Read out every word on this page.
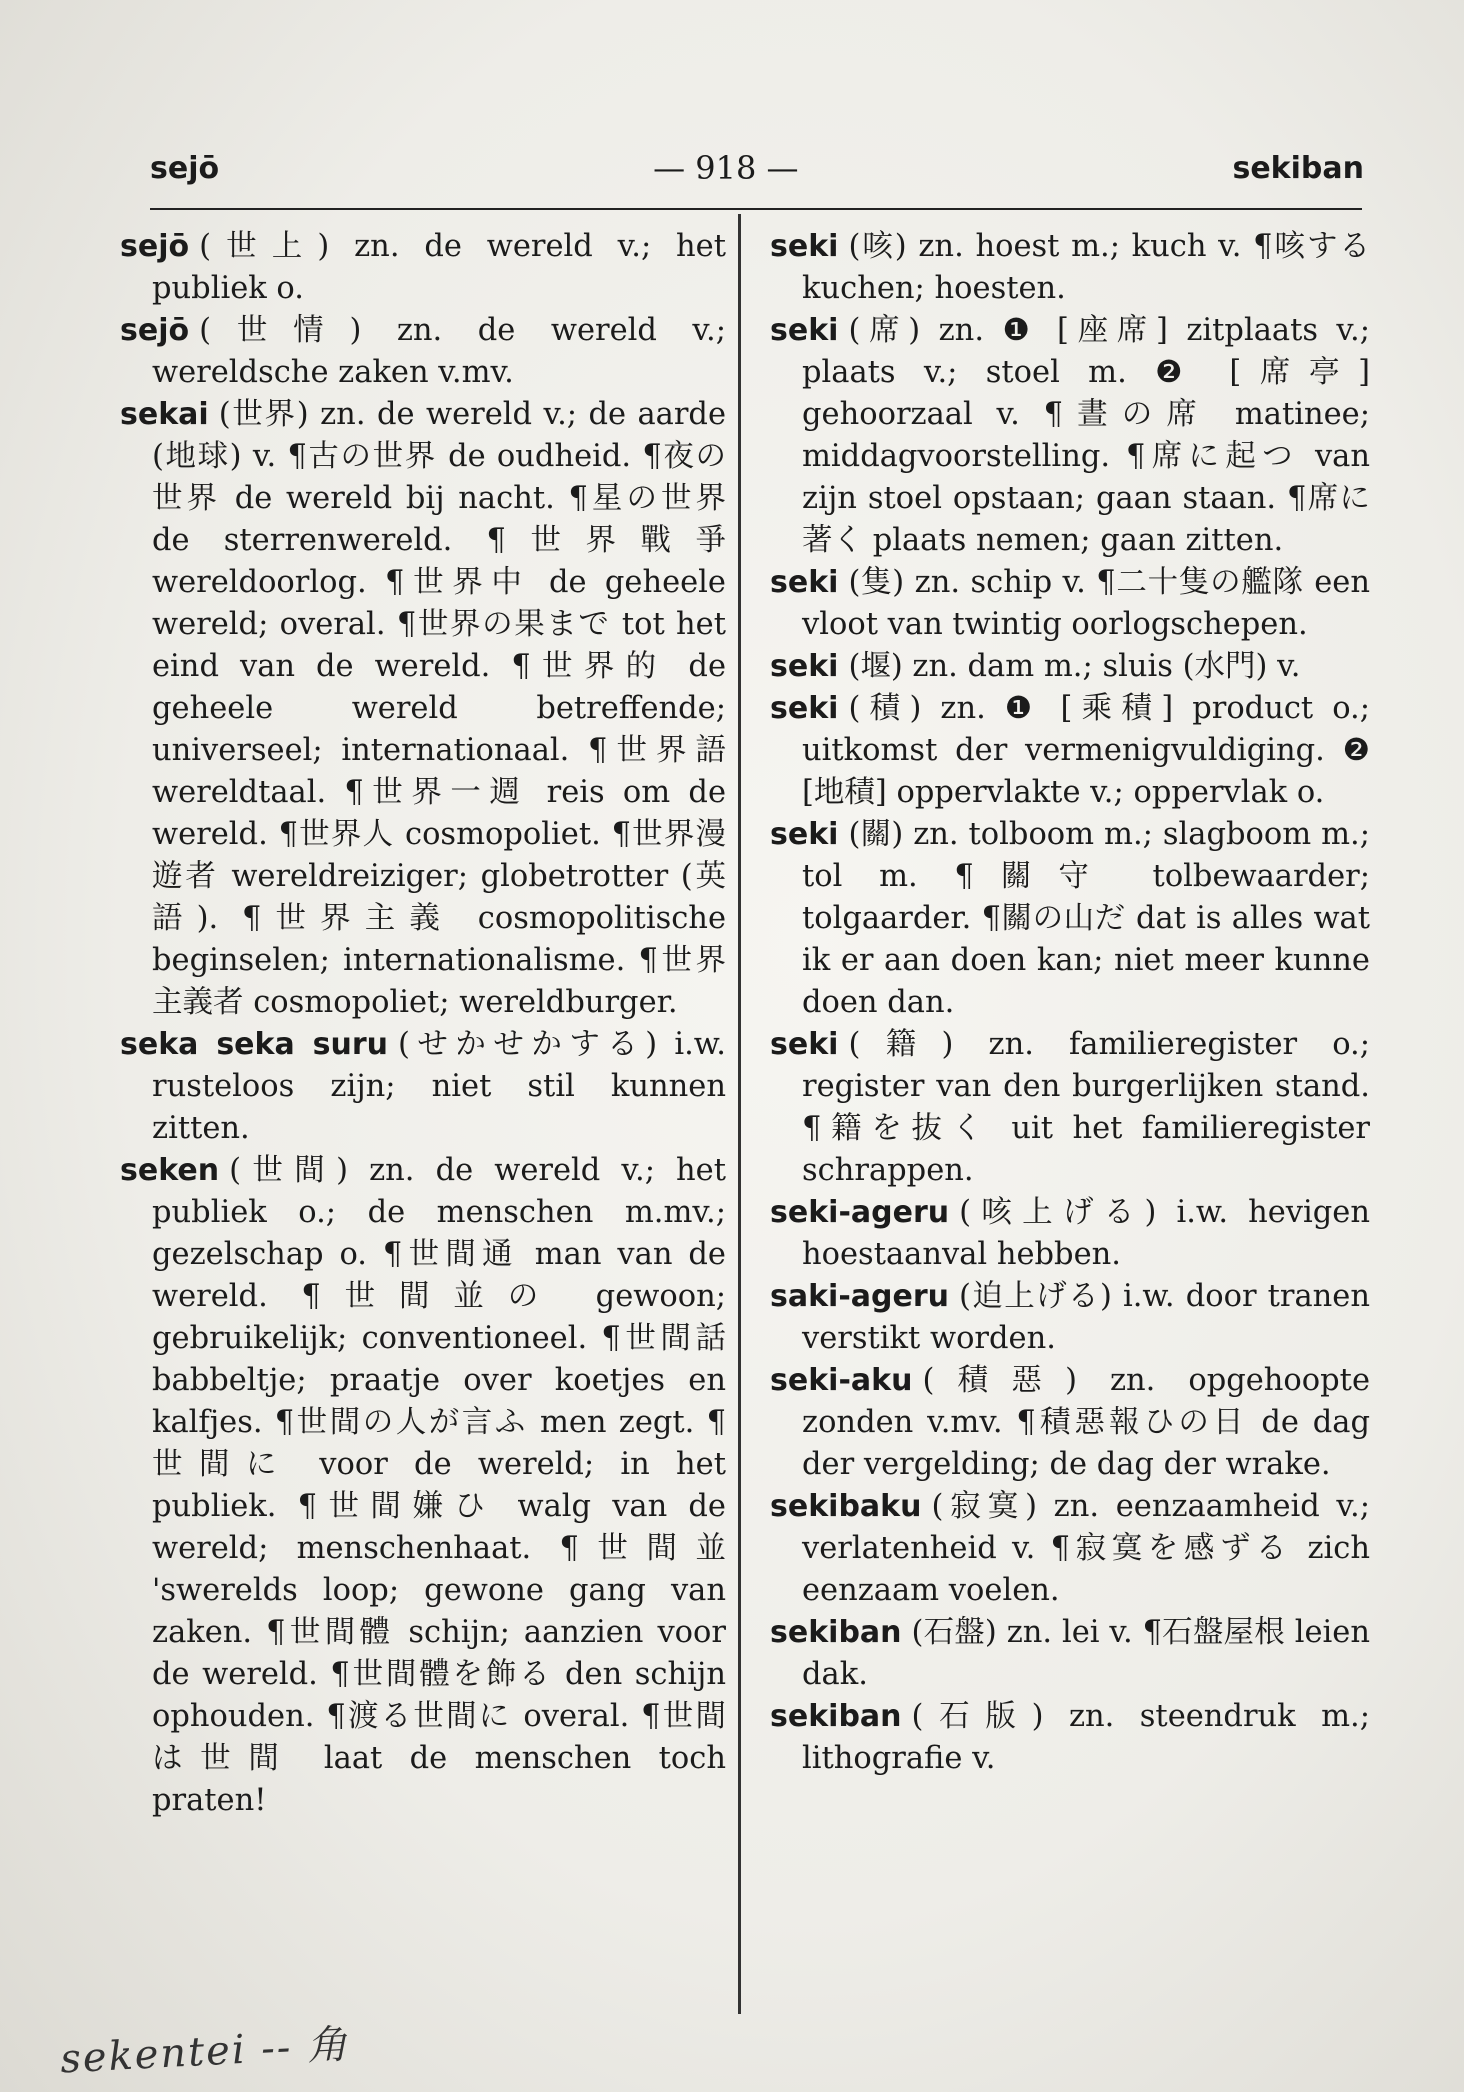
sejō	— 918 —	sekiban

sejō (世上) zn. de wereld v.; het publiek o.

sejō (世情) zn. de wereld v.; wereldsche zaken v.mv.

sekai (世界) zn. de wereld v.; de aarde (地球) v. ¶古の世界 de oudheid. ¶夜の世界 de wereld bij nacht. ¶星の世界 de sterrenwereld. ¶世界戰爭 wereldoorlog. ¶世界中 de geheele wereld; overal. ¶世界の果まで tot het eind van de wereld. ¶世界的 de geheele wereld betreffende; universeel; internationaal. ¶世界語 wereldtaal. ¶世界一週 reis om de wereld. ¶世界人 cosmopoliet. ¶世界漫遊者 wereldreiziger; globetrotter (英語). ¶世界主義 cosmopolitische beginselen; internationalisme. ¶世界主義者 cosmopoliet; wereldburger.

seka seka suru (せかせかする) i.w. rusteloos zijn; niet stil kunnen zitten.

seken (世間) zn. de wereld v.; het publiek o.; de menschen m.mv.; gezelschap o. ¶世間通 man van de wereld. ¶世間並の gewoon; gebruikelijk; conventioneel. ¶世間話 babbeltje; praatje over koetjes en kalfjes. ¶世間の人が言ふ men zegt. ¶世間に voor de wereld; in het publiek. ¶世間嫌ひ walg van de wereld; menschenhaat. ¶世間並 'swerelds loop; gewone gang van zaken. ¶世間體 schijn; aanzien voor de wereld. ¶世間體を飾る den schijn ophouden. ¶渡る世間に overal. ¶世間は世間 laat de menschen toch praten!

seki (咳) zn. hoest m.; kuch v. ¶咳する kuchen; hoesten.

seki (席) zn. ❶ [座席] zitplaats v.; plaats v.; stoel m. ❷ [席亭] gehoorzaal v. ¶晝の席 matinee; middagvoorstelling. ¶席に起つ van zijn stoel opstaan; gaan staan. ¶席に著く plaats nemen; gaan zitten.

seki (隻) zn. schip v. ¶二十隻の艦隊 een vloot van twintig oorlogschepen.

seki (堰) zn. dam m.; sluis (水門) v.

seki (積) zn. ❶ [乘積] product o.; uitkomst der vermenigvuldiging. ❷ [地積] oppervlakte v.; oppervlak o.

seki (關) zn. tolboom m.; slagboom m.; tol m. ¶關守 tolbewaarder; tolgaarder. ¶關の山だ dat is alles wat ik er aan doen kan; niet meer kunne doen dan.

seki (籍) zn. familieregister o.; register van den burgerlijken stand. ¶籍を抜く uit het familieregister schrappen.

seki-ageru (咳上げる) i.w. hevigen hoestaanval hebben.

saki-ageru (迫上げる) i.w. door tranen verstikt worden.

seki-aku (積惡) zn. opgehoopte zonden v.mv. ¶積惡報ひの日 de dag der vergelding; de dag der wrake.

sekibaku (寂寞) zn. eenzaamheid v.; verlatenheid v. ¶寂寞を感ずる zich eenzaam voelen.

sekiban (石盤) zn. lei v. ¶石盤屋根 leien dak.

sekiban (石版) zn. steendruk m.; lithografie v.

sekentei -- 角
